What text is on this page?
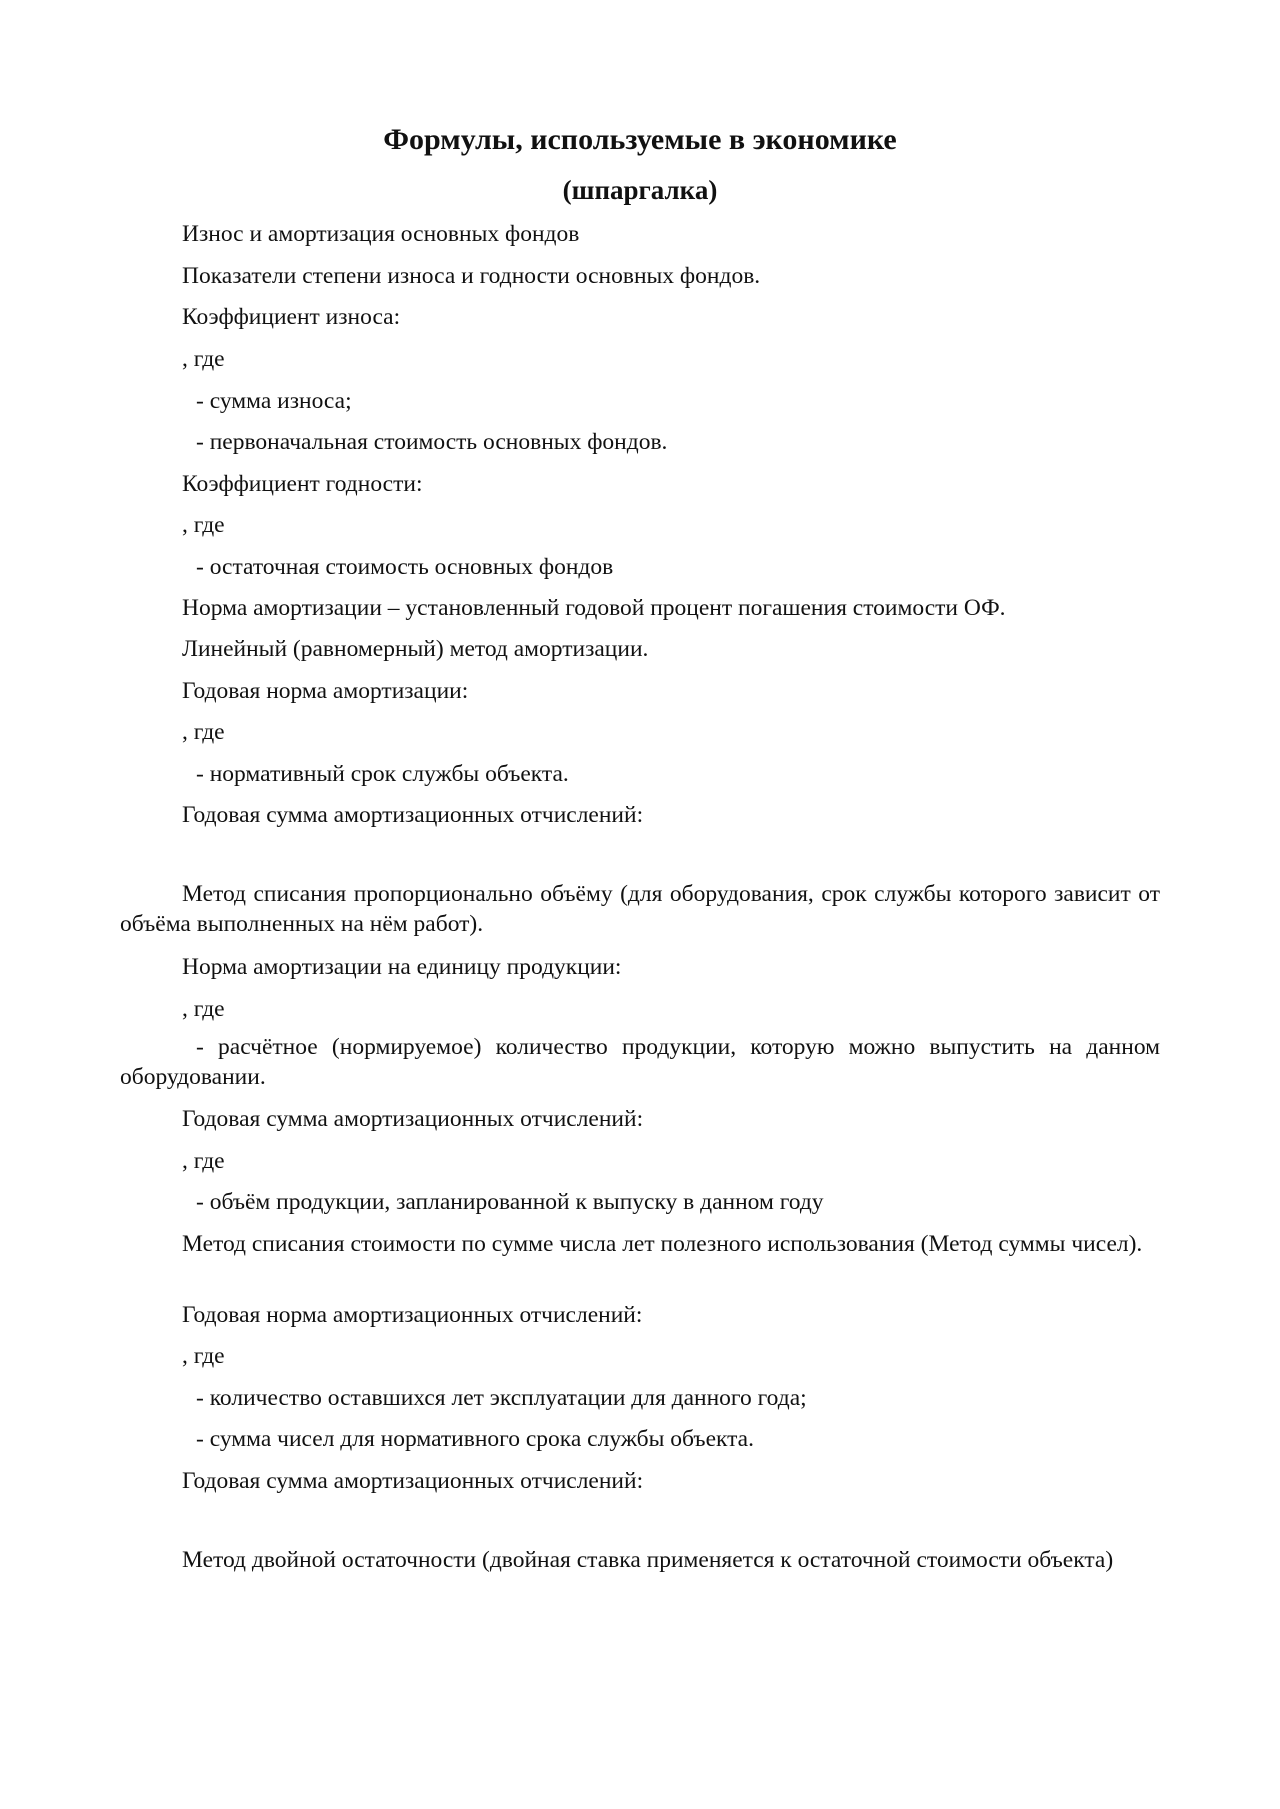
Формулы, используемые в экономике
(шпаргалка)

Износ и амортизация основных фондов

Показатели степени износа и годности основных фондов.

Коэффициент износа:

, где

- сумма износа;

- первоначальная стоимость основных фондов.

Коэффициент годности:

, где

- остаточная стоимость основных фондов

Норма амортизации – установленный годовой процент погашения стоимости ОФ.

Линейный (равномерный) метод амортизации.

Годовая норма амортизации:

, где

- нормативный срок службы объекта.

Годовая сумма амортизационных отчислений:

Метод списания пропорционально объёму (для оборудования, срок службы которого зависит от объёма выполненных на нём работ).

Норма амортизации на единицу продукции:

, где

- расчётное (нормируемое) количество продукции, которую можно выпустить на данном оборудовании.

Годовая сумма амортизационных отчислений:

, где

- объём продукции, запланированной к выпуску в данном году

Метод списания стоимости по сумме числа лет полезного использования (Метод суммы чисел).

Годовая норма амортизационных отчислений:

, где

- количество оставшихся лет эксплуатации для данного года;

- сумма чисел для нормативного срока службы объекта.

Годовая сумма амортизационных отчислений:

Метод двойной остаточности (двойная ставка применяется к остаточной стоимости объекта)
